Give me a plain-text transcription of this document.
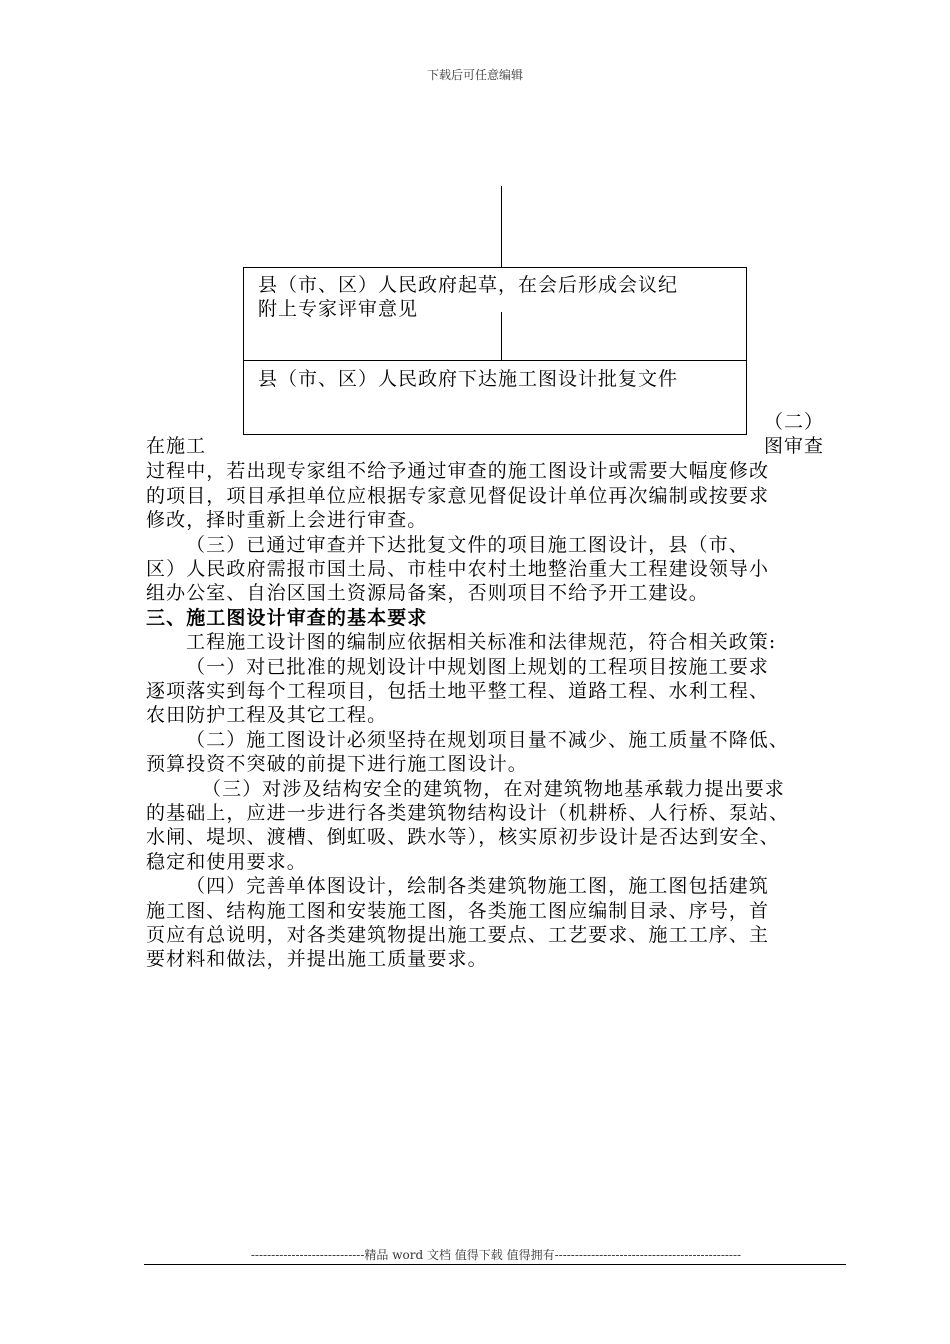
下载后可任意编辑
县（市、区）人民政府起草，在会后形成会议纪
附上专家评审意见
县（市、区）人民政府下达施工图设计批复文件
（二）
在施工	图审查

过程中，若出现专家组不给予通过审查的施工图设计或需要大幅度修改

的项目，项目承担单位应根据专家意见督促设计单位再次编制或按要求

修改，择时重新上会进行审查。

（三）已通过审查并下达批复文件的项目施工图设计，县（市、

区）人民政府需报市国土局、市桂中农村土地整治重大工程建设领导小

组办公室、自治区国土资源局备案，否则项目不给予开工建设。

三、施工图设计审查的基本要求

工程施工设计图的编制应依据相关标准和法律规范，符合相关政策:

（一）对已批准的规划设计中规划图上规划的工程项目按施工要求

逐项落实到每个工程项目，包括土地平整工程、道路工程、水利工程、

农田防护工程及其它工程。

（二）施工图设计必须坚持在规划项目量不减少、施工质量不降低、

预算投资不突破的前提下进行施工图设计。

（三）对涉及结构安全的建筑物，在对建筑物地基承载力提出要求

的基础上，应进一步进行各类建筑物结构设计（机耕桥、人行桥、泵站、

水闸、堤坝、渡槽、倒虹吸、跌水等），核实原初步设计是否达到安全、

稳定和使用要求。

（四）完善单体图设计，绘制各类建筑物施工图，施工图包括建筑

施工图、结构施工图和安装施工图，各类施工图应编制目录、序号，首

页应有总说明，对各类建筑物提出施工要点、工艺要求、施工工序、主

要材料和做法，并提出施工质量要求。

----------------------------精品 word 文档 值得下载 值得拥有----------------------------------------------
